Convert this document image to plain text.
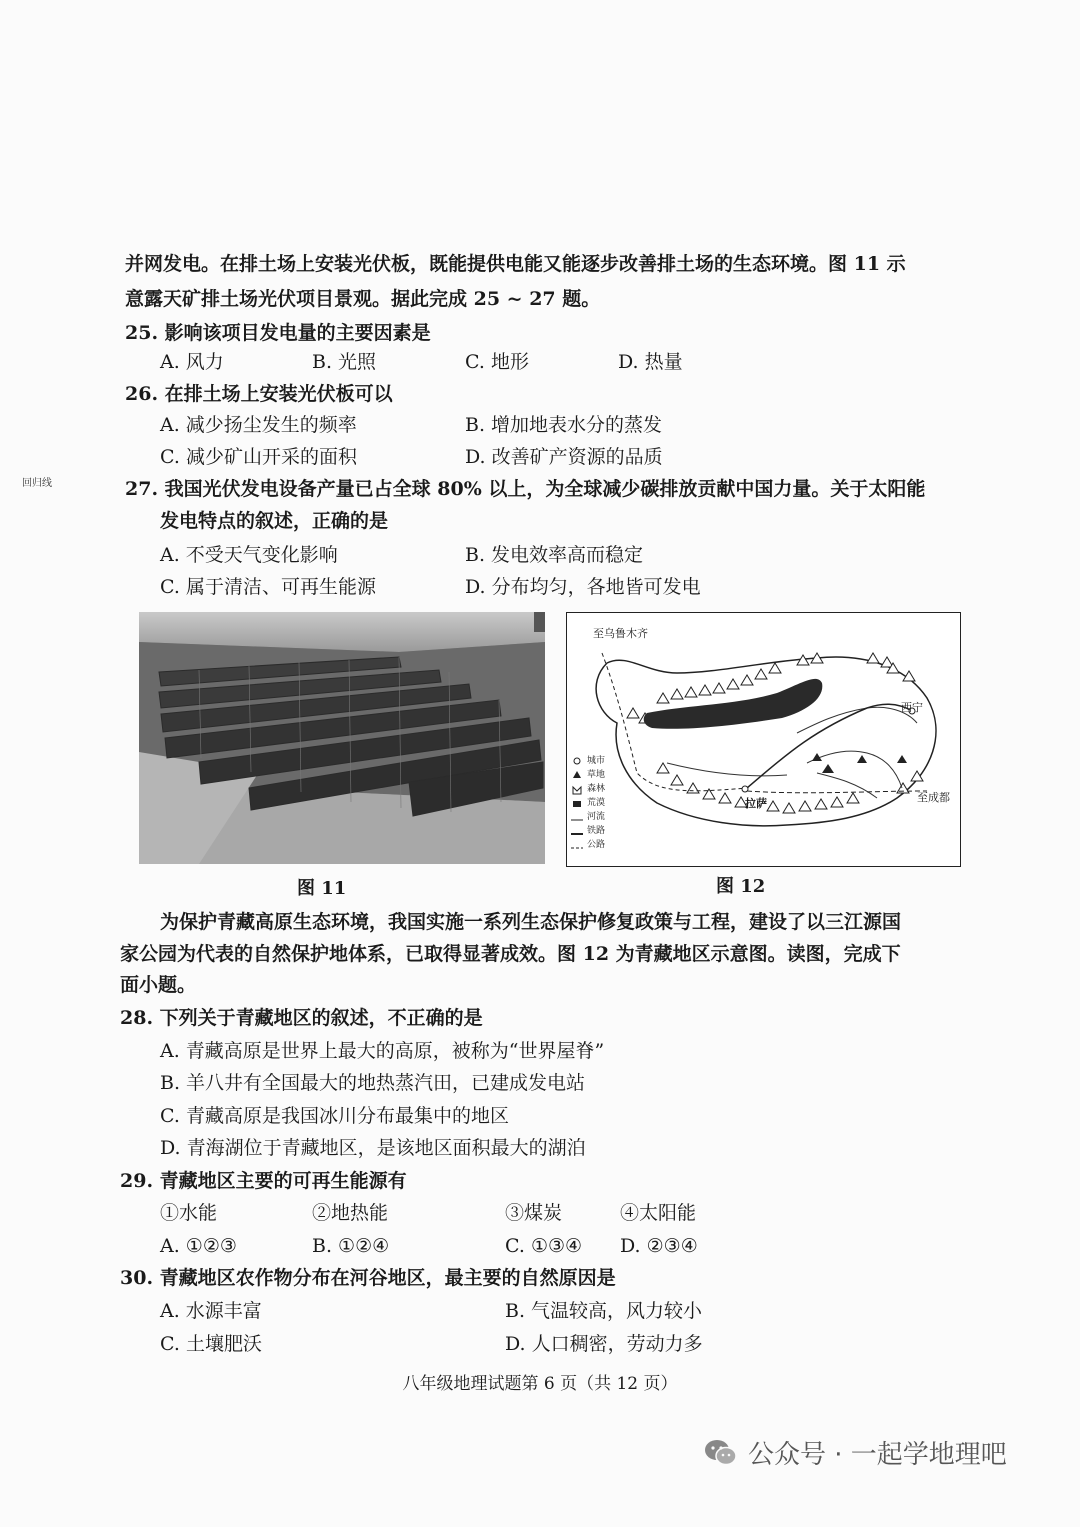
并网发电。在排土场上安装光伏板，既能提供电能又能逐步改善排土场的生态环境。图 11 示
意露天矿排土场光伏项目景观。据此完成 25 ~ 27 题。
25. 影响该项目发电量的主要因素是
A. 风力	B. 光照	C. 地形	D. 热量
26. 在排土场上安装光伏板可以
A. 减少扬尘发生的频率	B. 增加地表水分的蒸发
C. 减少矿山开采的面积	D. 改善矿产资源的品质
回归线	27. 我国光伏发电设备产量已占全球 80% 以上，为全球减少碳排放贡献中国力量。关于太阳能
发电特点的叙述，正确的是
A. 不受天气变化影响	B. 发电效率高而稳定
C. 属于清洁、可再生能源	D. 分布均匀，各地皆可发电
图 11
至乌鲁木齐
西宁
拉萨	至成都
城市
草地
森林
荒漠
河流
铁路
公路
图 12
为保护青藏高原生态环境，我国实施一系列生态保护修复政策与工程，建设了以三江源国
家公园为代表的自然保护地体系，已取得显著成效。图 12 为青藏地区示意图。读图，完成下
面小题。
28. 下列关于青藏地区的叙述，不正确的是
A. 青藏高原是世界上最大的高原，被称为“世界屋脊”
B. 羊八井有全国最大的地热蒸汽田，已建成发电站
C. 青藏高原是我国冰川分布最集中的地区
D. 青海湖位于青藏地区，是该地区面积最大的湖泊
29. 青藏地区主要的可再生能源有
①水能	②地热能	③煤炭	④太阳能
A. ①②③	B. ①②④	C. ①③④ D. ②③④
30. 青藏地区农作物分布在河谷地区，最主要的自然原因是
A. 水源丰富	B. 气温较高，风力较小
C. 土壤肥沃	D. 人口稠密，劳动力多
八年级地理试题第 6 页（共 12 页）
公众号 · 一起学地理吧
